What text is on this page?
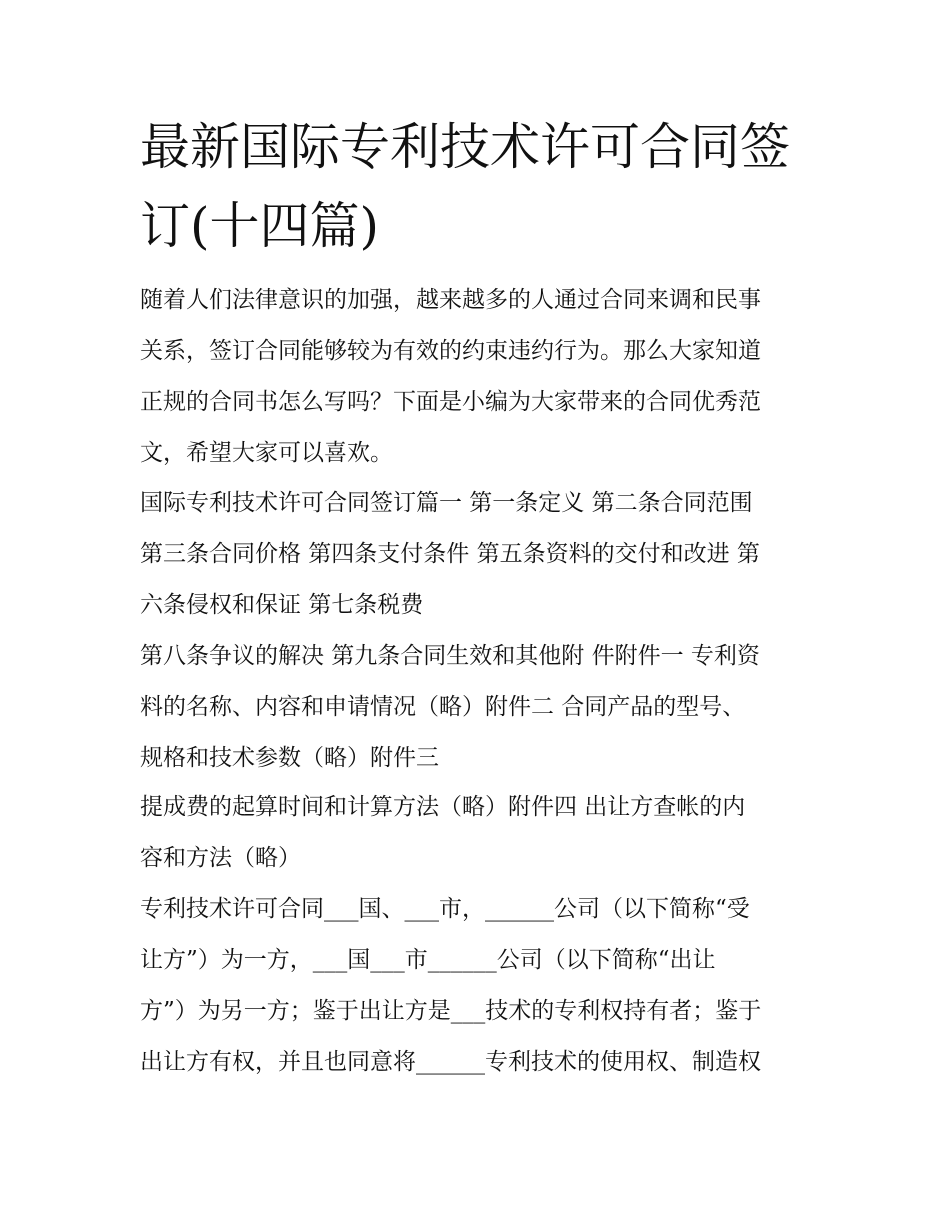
最新国际专利技术许可合同签
订(十四篇)

随着人们法律意识的加强，越来越多的人通过合同来调和民事
关系，签订合同能够较为有效的约束违约行为。那么大家知道
正规的合同书怎么写吗？下面是小编为大家带来的合同优秀范
文，希望大家可以喜欢。

国际专利技术许可合同签订篇一 第一条定义 第二条合同范围
第三条合同价格 第四条支付条件 第五条资料的交付和改进 第
六条侵权和保证 第七条税费

第八条争议的解决 第九条合同生效和其他附 件附件一 专利资
料的名称、内容和申请情况（略）附件二 合同产品的型号、
规格和技术参数（略）附件三

提成费的起算时间和计算方法（略）附件四 出让方查帐的内
容和方法（略）

专利技术许可合同___国、___市，______公司（以下简称“受
让方”）为一方，___国___市______公司（以下简称“出让
方”）为另一方；鉴于出让方是___技术的专利权持有者；鉴于
出让方有权，并且也同意将______专利技术的使用权、制造权
